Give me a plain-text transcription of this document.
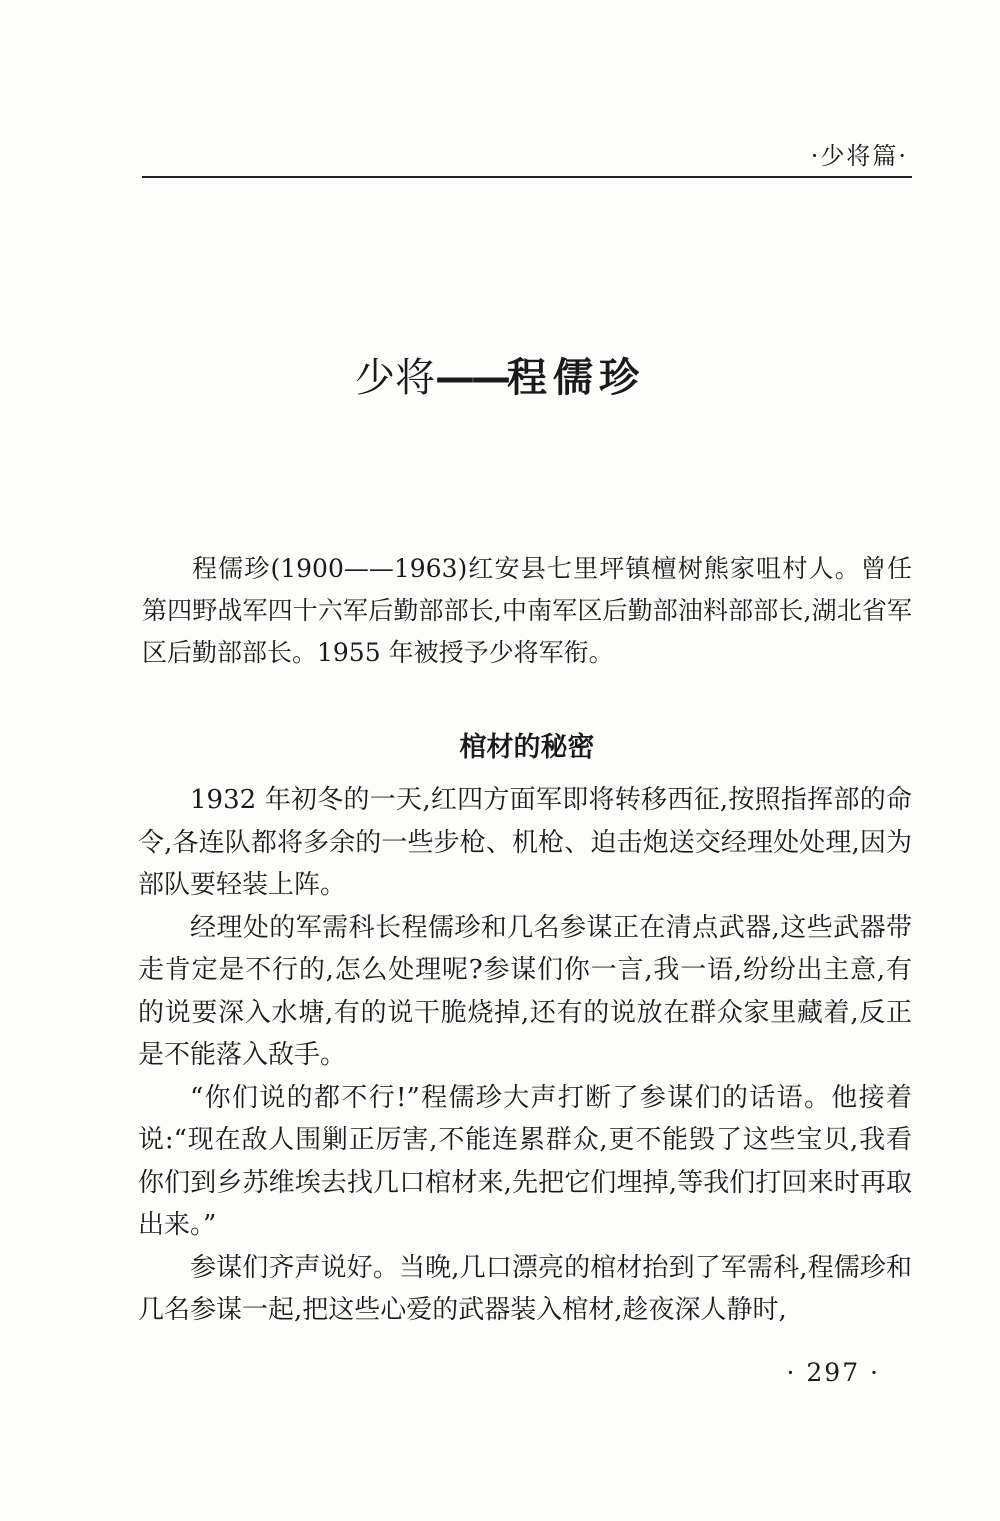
·少将篇·
少将——程儒珍

程儒珍(1900——1963)红安县七里坪镇檀树熊家咀村人。曾任第四野战军四十六军后勤部部长,中南军区后勤部油料部部长,湖北省军区后勤部部长。1955 年被授予少将军衔。

棺材的秘密

1932 年初冬的一天,红四方面军即将转移西征,按照指挥部的命令,各连队都将多余的一些步枪、机枪、迫击炮送交经理处处理,因为部队要轻装上阵。

经理处的军需科长程儒珍和几名参谋正在清点武器,这些武器带走肯定是不行的,怎么处理呢?参谋们你一言,我一语,纷纷出主意,有的说要深入水塘,有的说干脆烧掉,还有的说放在群众家里藏着,反正是不能落入敌手。

“你们说的都不行!”程儒珍大声打断了参谋们的话语。他接着说:“现在敌人围剿正厉害,不能连累群众,更不能毁了这些宝贝,我看你们到乡苏维埃去找几口棺材来,先把它们埋掉,等我们打回来时再取出来。”

参谋们齐声说好。当晚,几口漂亮的棺材抬到了军需科,程儒珍和几名参谋一起,把这些心爱的武器装入棺材,趁夜深人静时,

· 297 ·
